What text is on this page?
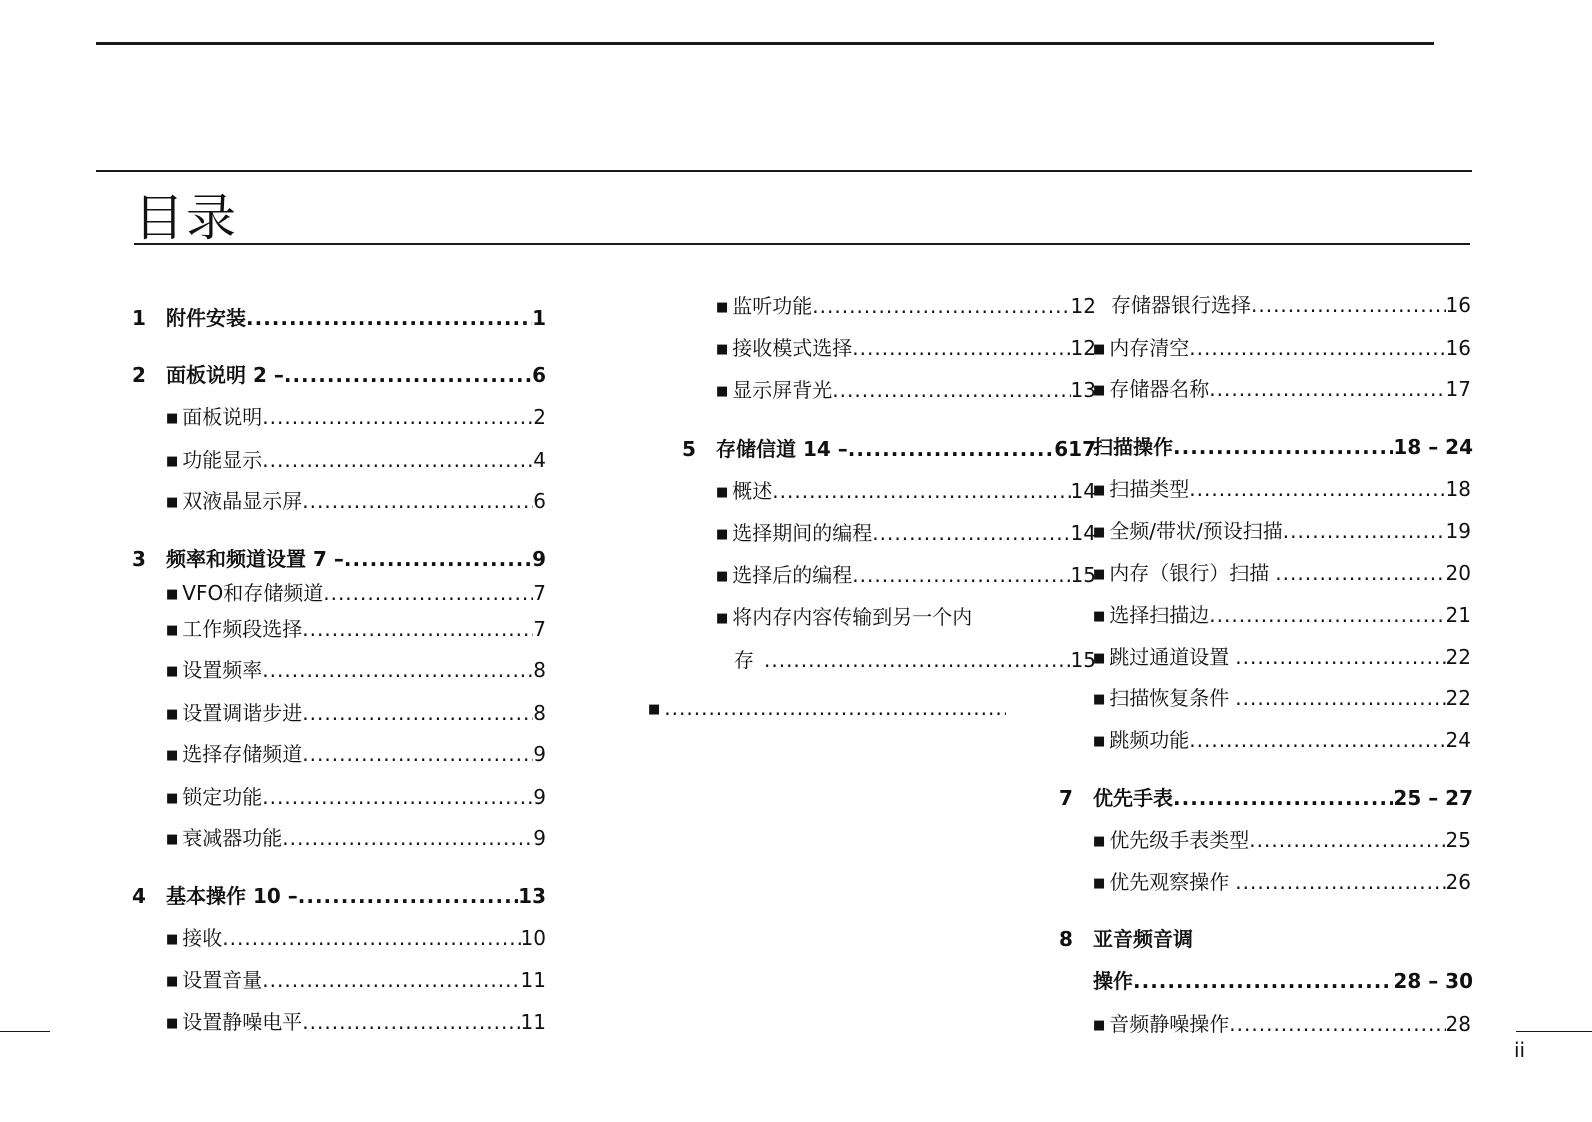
目录
1 附件安装 .....	1
2 面板说明 2 – .....	6
■ 面板说明 .....	2
■ 功能显示 .....	4
■ 双液晶显示屏 .....	6
3 频率和频道设置 7 – .....	9
■ VFO和存储频道 .....	7
■ 工作频段选择 .....	7
■ 设置频率 .....	8
■ 设置调谐步进 .....	8
■ 选择存储频道 .....	9
■ 锁定功能 .....	9
■ 衰减器功能 .....	9
4 基本操作 10 – .....	13
■ 接收 .....	10
■ 设置音量 .....	11
■ 设置静噪电平 .....	11
■ 监听功能 .....	12
■ 接收模式选择 .....	12
■ 显示屏背光 .....	13
5 存储信道 14 – .....	617
■ 概述 .....	14
■ 选择期间的编程 .....	14
■ 选择后的编程 .....	15
■ 将内存内容传输到另一个内
存 .....	15
■
.....
存储器银行选择 .....	16
■ 内存清空 .....	16
■ 存储器名称 .....	17
扫描操作 .....	18 – 24
■ 扫描类型 .....	18
■ 全频/带状/预设扫描 .....	19
■ 内存（银行）扫描 .....	20
■ 选择扫描边 .....	21
■ 跳过通道设置 .....	22
■ 扫描恢复条件 .....	22
■ 跳频功能 .....	24
7 优先手表 .....	25 – 27
■ 优先级手表类型 .....	25
■ 优先观察操作 .....	26
8 亚音频音调
操作 .....	28 – 30
■ 音频静噪操作 .....	28
ii
